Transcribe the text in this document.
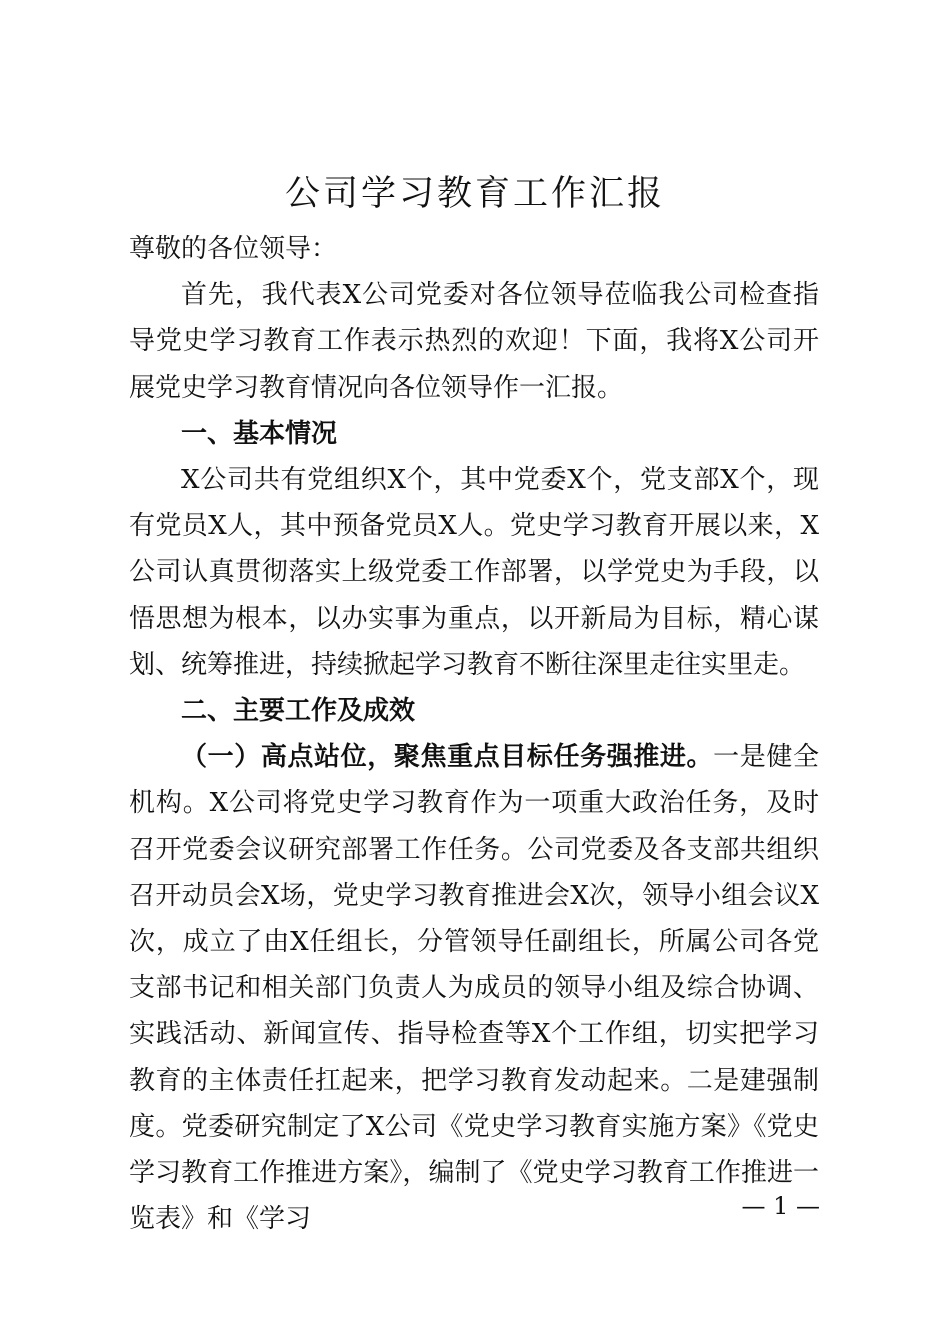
公司学习教育工作汇报

尊敬的各位领导：

首先，我代表X公司党委对各位领导莅临我公司检查指导党史学习教育工作表示热烈的欢迎！下面，我将X公司开展党史学习教育情况向各位领导作一汇报。

一、基本情况

X公司共有党组织X个，其中党委X个，党支部X个，现有党员X人，其中预备党员X人。党史学习教育开展以来，X公司认真贯彻落实上级党委工作部署，以学党史为手段，以悟思想为根本，以办实事为重点，以开新局为目标，精心谋划、统筹推进，持续掀起学习教育不断往深里走往实里走。

二、主要工作及成效

（一）高点站位，聚焦重点目标任务强推进。一是健全机构。X公司将党史学习教育作为一项重大政治任务，及时召开党委会议研究部署工作任务。公司党委及各支部共组织召开动员会X场，党史学习教育推进会X次，领导小组会议X次，成立了由X任组长，分管领导任副组长，所属公司各党支部书记和相关部门负责人为成员的领导小组及综合协调、实践活动、新闻宣传、指导检查等X个工作组，切实把学习教育的主体责任扛起来，把学习教育发动起来。二是建强制度。党委研究制定了X公司《党史学习教育实施方案》《党史学习教育工作推进方案》，编制了《党史学习教育工作推进一览表》和《学习	— 1 —
